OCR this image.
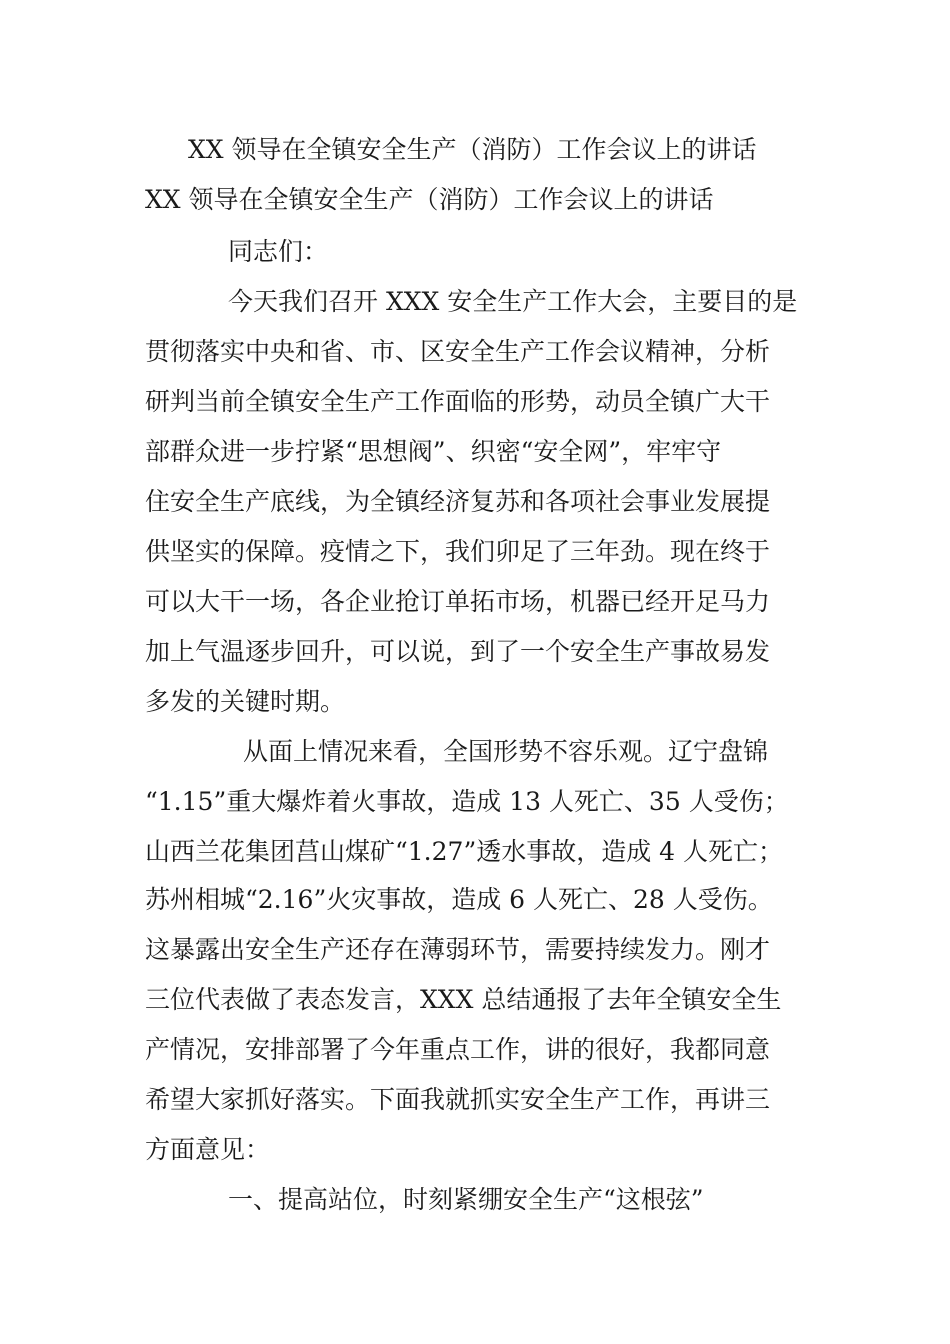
XX 领导在全镇安全生产（消防）工作会议上的讲话
XX 领导在全镇安全生产（消防）工作会议上的讲话
同志们：
今天我们召开 XXX 安全生产工作大会，主要目的是
贯彻落实中央和省、市、区安全生产工作会议精神，分析
研判当前全镇安全生产工作面临的形势，动员全镇广大干
部群众进一步拧紧“思想阀”、织密“安全网”，牢牢守
住安全生产底线，为全镇经济复苏和各项社会事业发展提
供坚实的保障。疫情之下，我们卯足了三年劲。现在终于
可以大干一场，各企业抢订单拓市场，机器已经开足马力
加上气温逐步回升，可以说，到了一个安全生产事故易发
多发的关键时期。
从面上情况来看，全国形势不容乐观。辽宁盘锦
“1.15”重大爆炸着火事故，造成 13 人死亡、35 人受伤；
山西兰花集团莒山煤矿“1.27”透水事故，造成 4 人死亡；
苏州相城“2.16”火灾事故，造成 6 人死亡、28 人受伤。
这暴露出安全生产还存在薄弱环节，需要持续发力。刚才
三位代表做了表态发言，XXX 总结通报了去年全镇安全生
产情况，安排部署了今年重点工作，讲的很好，我都同意
希望大家抓好落实。下面我就抓实安全生产工作，再讲三
方面意见：
一、提高站位，时刻紧绷安全生产“这根弦”
